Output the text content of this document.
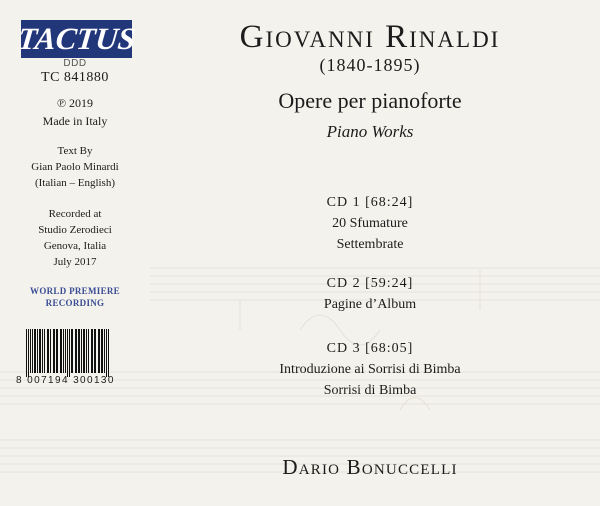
TACTUS
DDD
TC 841880
℗ 2019
Made in Italy
Text By
Gian Paolo Minardi
(Italian – English)
Recorded at
Studio Zerodieci
Genova, Italia
July 2017
WORLD PREMIERE
RECORDING
8 007194 300130
Giovanni Rinaldi
(1840-1895)
Opere per pianoforte
Piano Works
CD 1 [68:24]
20 Sfumature
Settembrate
CD 2 [59:24]
Pagine d’Album
CD 3 [68:05]
Introduzione ai Sorrisi di Bimba
Sorrisi di Bimba
Dario Bonuccelli
